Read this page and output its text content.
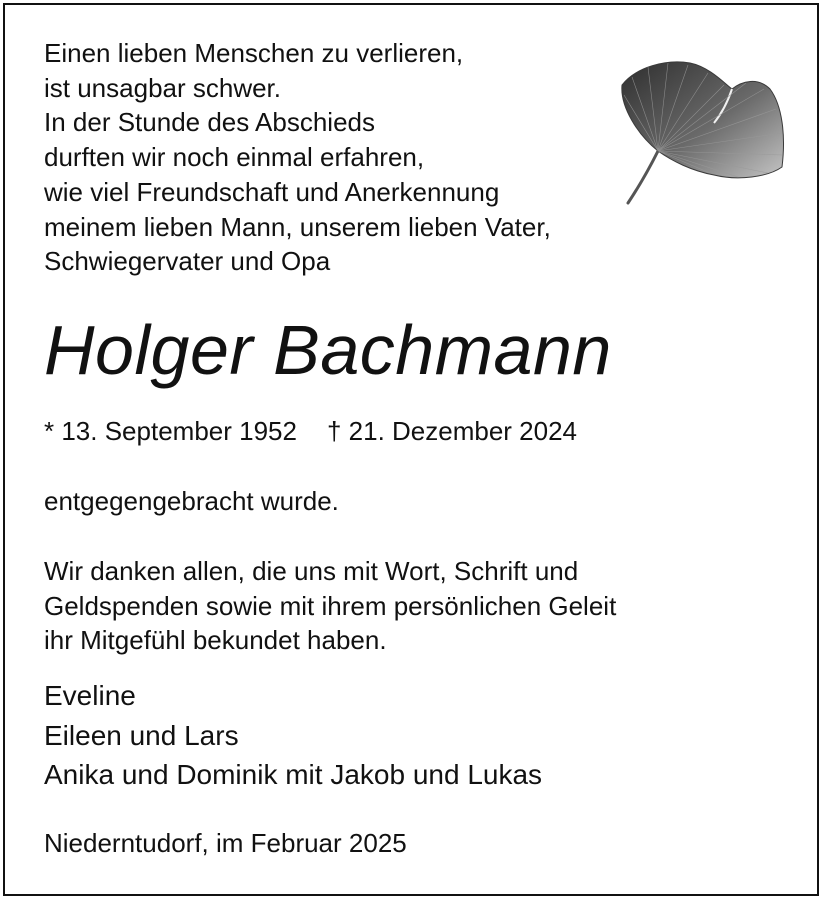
Einen lieben Menschen zu verlieren,
ist unsagbar schwer.
In der Stunde des Abschieds
durften wir noch einmal erfahren,
wie viel Freundschaft und Anerkennung
meinem lieben Mann, unserem lieben Vater,
Schwiegervater und Opa
Holger Bachmann
* 13. September 1952 † 21. Dezember 2024
entgegengebracht wurde.
Wir danken allen, die uns mit Wort, Schrift und
Geldspenden sowie mit ihrem persönlichen Geleit
ihr Mitgefühl bekundet haben.
Eveline
Eileen und Lars
Anika und Dominik mit Jakob und Lukas
Niederntudorf, im Februar 2025
